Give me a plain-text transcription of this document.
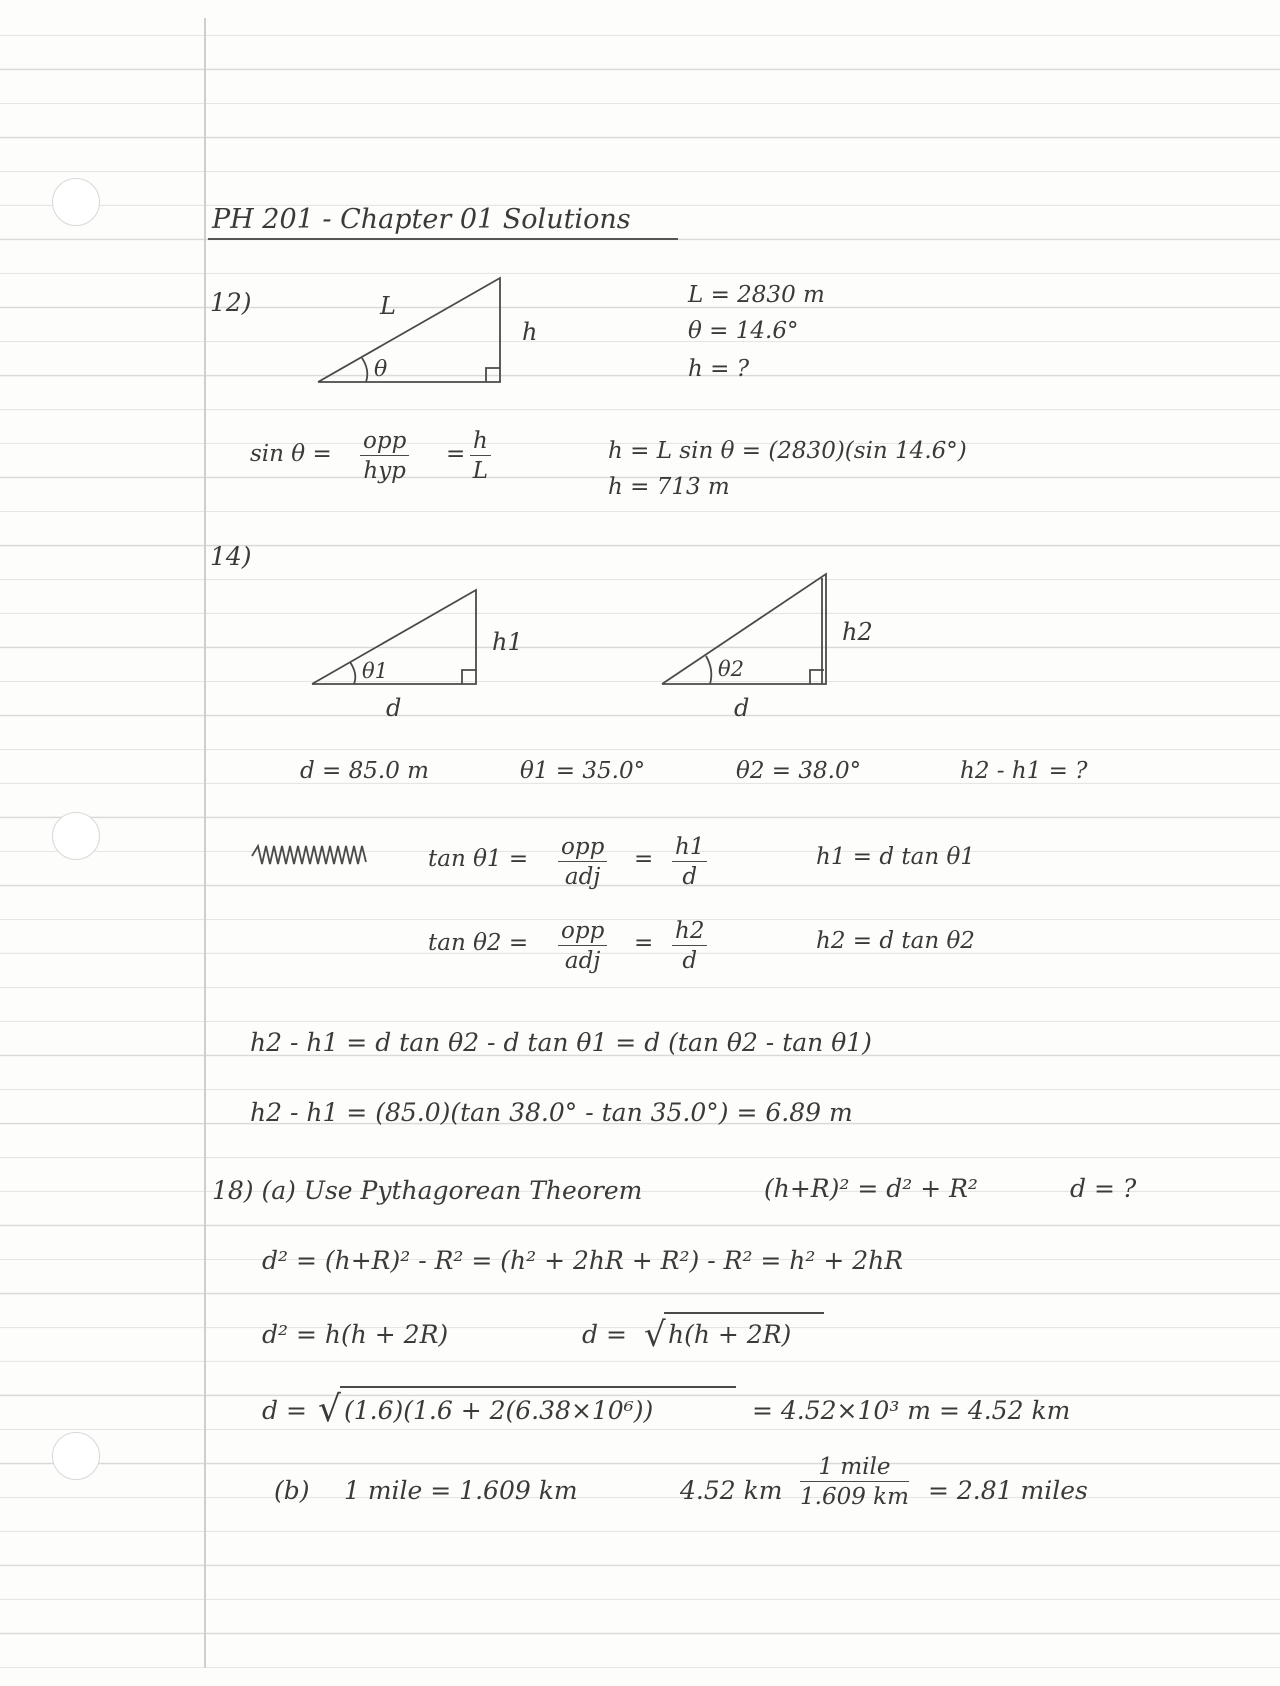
PH 201 - Chapter 01 Solutions
12)	L
h
θ
L = 2830 m
θ = 14.6°
h = ?
sin θ = opp
hyp
= $\frac{h}{L}$	h = L sin θ = (2830)(sin 14.6°)
h = 713 m
14)
θ1
h1
d
θ2
h2
d
d = 85.0 m	θ1 = 35.0°	θ2 = 38.0°	h2 - h1 = ?
tan θ1 = opp
adj
= $\frac{h1}{d}$	h1 = d tan θ1
tan θ2 = opp
adj
= $\frac{h2}{d}$	h2 = d tan θ2
h2 - h1 = d tan θ2 - d tan θ1 = d (tan θ2 - tan θ1)
h2 - h1 = (85.0)(tan 38.0° - tan 35.0°) = 6.89 m
18) (a) Use Pythagorean Theorem	(h+R)² = d² + R²	d = ?
d² = (h+R)² - R² = (h² + 2hR + R²) - R² = h² + 2hR
d² = h(h + 2R)	d = √ h(h + 2R)
d = √ (1.6)(1.6 + 2(6.38×10⁶))	= 4.52×10³ m = 4.52 km
(b) 1 mile = 1.609 km	4.52 km
1 mile
1.609 km = 2.81 miles
